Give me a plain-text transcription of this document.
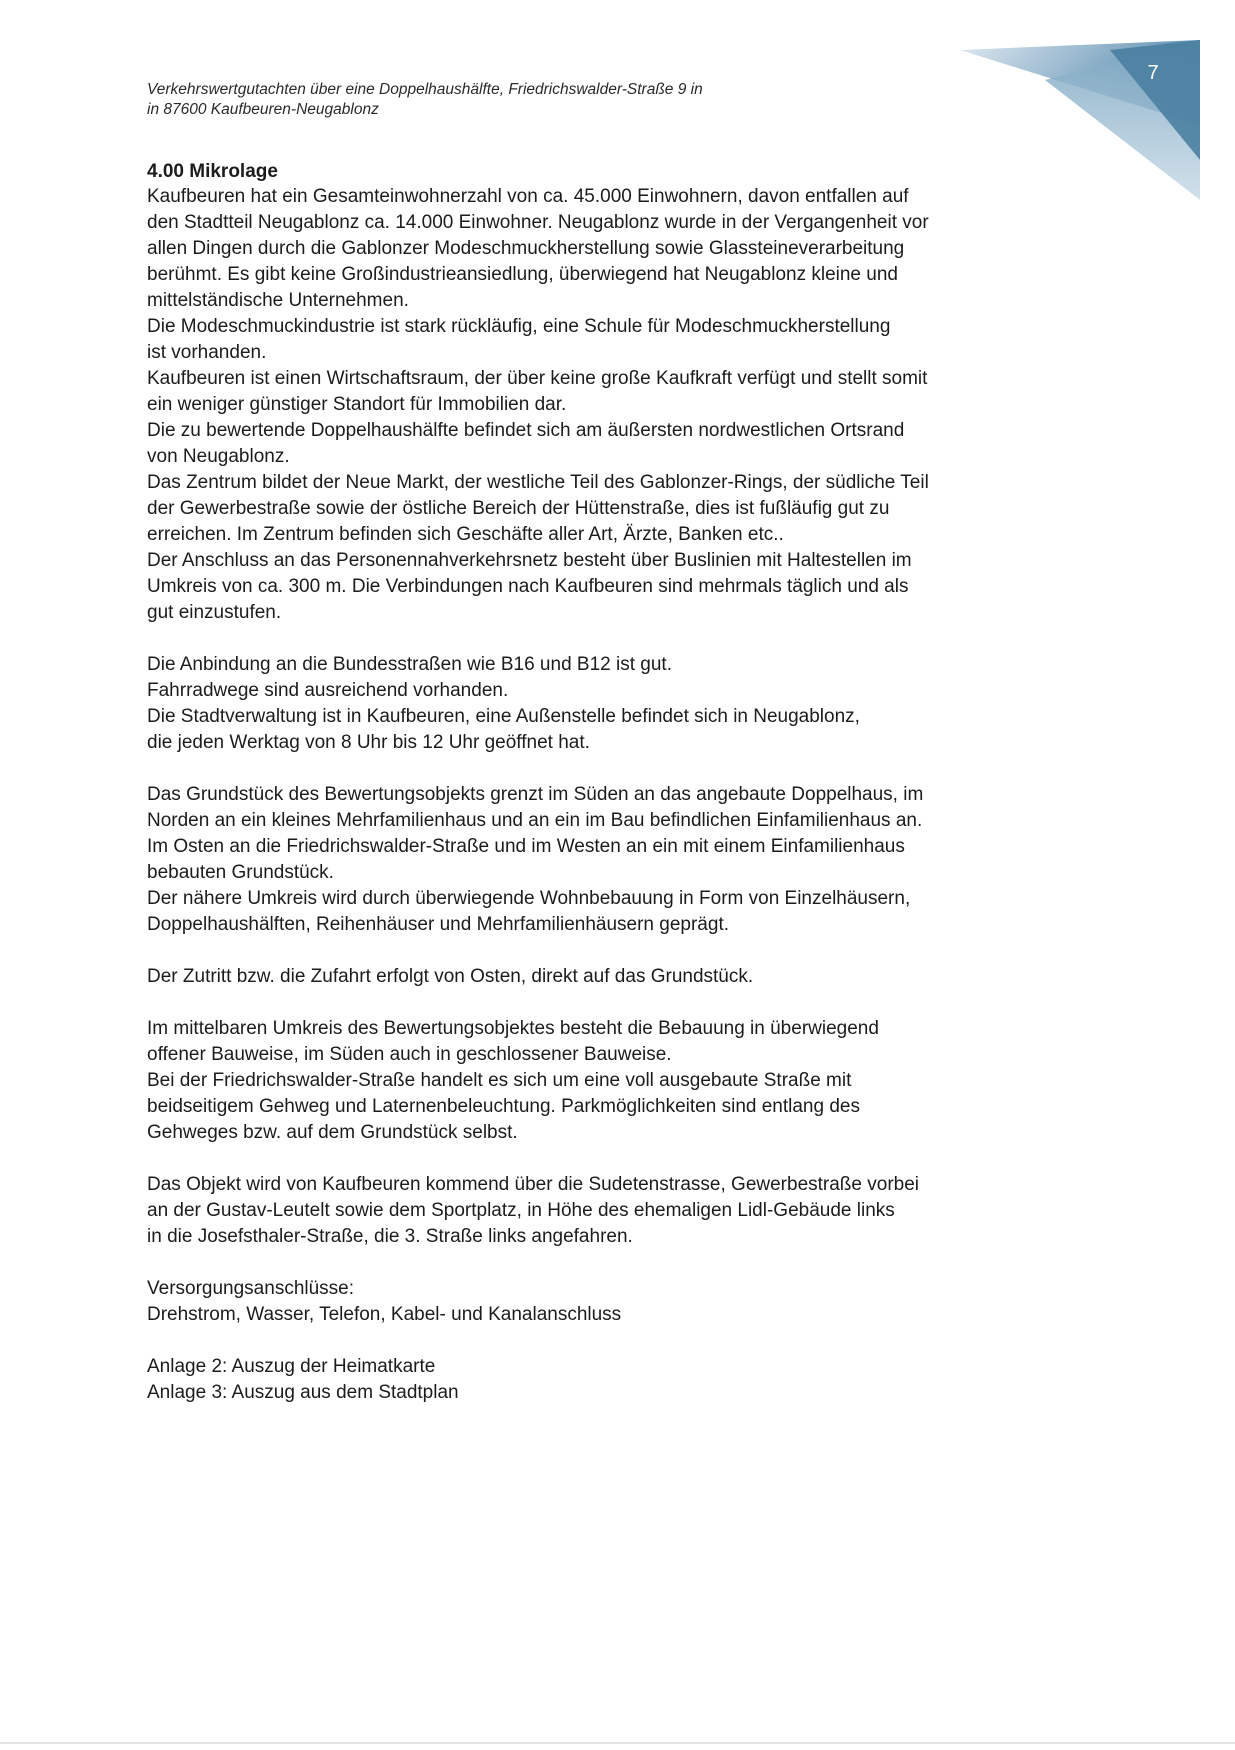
7
Verkehrswertgutachten über eine Doppelhaushälfte, Friedrichswalder-Straße 9 in
in 87600 Kaufbeuren-Neugablonz
4.00 Mikrolage
Kaufbeuren hat ein Gesamteinwohnerzahl von ca. 45.000 Einwohnern, davon entfallen auf
den Stadtteil Neugablonz ca. 14.000 Einwohner. Neugablonz wurde in der Vergangenheit vor
allen Dingen durch die Gablonzer Modeschmuckherstellung sowie Glassteineverarbeitung
berühmt. Es gibt keine Großindustrieansiedlung, überwiegend hat Neugablonz kleine und
mittelständische Unternehmen.
Die Modeschmuckindustrie ist stark rückläufig, eine Schule für Modeschmuckherstellung
ist vorhanden.
Kaufbeuren ist einen Wirtschaftsraum, der über keine große Kaufkraft verfügt und stellt somit
ein weniger günstiger Standort für Immobilien dar.
Die zu bewertende Doppelhaushälfte befindet sich am äußersten nordwestlichen Ortsrand
von Neugablonz.
Das Zentrum bildet der Neue Markt, der westliche Teil des Gablonzer-Rings, der südliche Teil
der Gewerbestraße sowie der östliche Bereich der Hüttenstraße, dies ist fußläufig gut zu
erreichen. Im Zentrum befinden sich Geschäfte aller Art, Ärzte, Banken etc..
Der Anschluss an das Personennahverkehrsnetz besteht über Buslinien mit Haltestellen im
Umkreis von ca. 300 m. Die Verbindungen nach Kaufbeuren sind mehrmals täglich und als
gut einzustufen.
Die Anbindung an die Bundesstraßen wie B16 und B12 ist gut.
Fahrradwege sind ausreichend vorhanden.
Die Stadtverwaltung ist in Kaufbeuren, eine Außenstelle befindet sich in Neugablonz,
die jeden Werktag von 8 Uhr bis 12 Uhr geöffnet hat.
Das Grundstück des Bewertungsobjekts grenzt im Süden an das angebaute Doppelhaus, im
Norden an ein kleines Mehrfamilienhaus und an ein im Bau befindlichen Einfamilienhaus an.
Im Osten an die Friedrichswalder-Straße und im Westen an ein mit einem Einfamilienhaus
bebauten Grundstück.
Der nähere Umkreis wird durch überwiegende Wohnbebauung in Form von Einzelhäusern,
Doppelhaushälften, Reihenhäuser und Mehrfamilienhäusern geprägt.
Der Zutritt bzw. die Zufahrt erfolgt von Osten, direkt auf das Grundstück.
Im mittelbaren Umkreis des Bewertungsobjektes besteht die Bebauung in überwiegend
offener Bauweise, im Süden auch in geschlossener Bauweise.
Bei der Friedrichswalder-Straße handelt es sich um eine voll ausgebaute Straße mit
beidseitigem Gehweg und Laternenbeleuchtung. Parkmöglichkeiten sind entlang des
Gehweges bzw. auf dem Grundstück selbst.
Das Objekt wird von Kaufbeuren kommend über die Sudetenstrasse, Gewerbestraße vorbei
an der Gustav-Leutelt sowie dem Sportplatz, in Höhe des ehemaligen Lidl-Gebäude links
in die Josefsthaler-Straße, die 3. Straße links angefahren.
Versorgungsanschlüsse:
Drehstrom, Wasser, Telefon, Kabel- und Kanalanschluss
Anlage 2: Auszug der Heimatkarte
Anlage 3: Auszug aus dem Stadtplan
